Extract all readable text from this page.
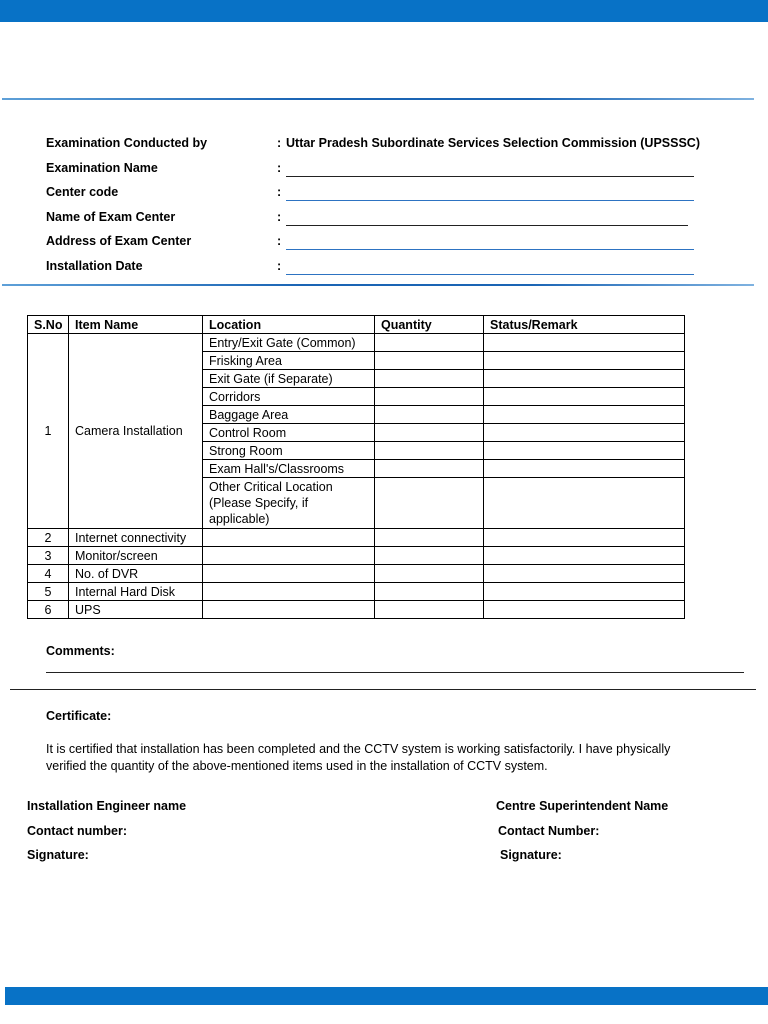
Examination Conducted by	: Uttar Pradesh Subordinate Services Selection Commission (UPSSSC)
Examination Name	:
Center code	:
Name of Exam Center	:
Address of Exam Center	:
Installation Date	:
S.No	Item Name	Location	Quantity	Status/Remark
1	Camera Installation	Entry/Exit Gate (Common)		
		Frisking Area		
		Exit Gate (if Separate)		
		Corridors		
		Baggage Area		
		Control Room		
		Strong Room		
		Exam Hall's/Classrooms		
		Other Critical Location (Please Specify, if applicable)		
2	Internet connectivity			
3	Monitor/screen			
4	No. of DVR			
5	Internal Hard Disk			
6	UPS			
Comments:
Certificate:
It is certified that installation has been completed and the CCTV system is working satisfactorily. I have physically verified the quantity of the above-mentioned items used in the installation of CCTV system.
Installation Engineer name
Contact number:
Signature:
Centre Superintendent Name
Contact Number:
Signature:
